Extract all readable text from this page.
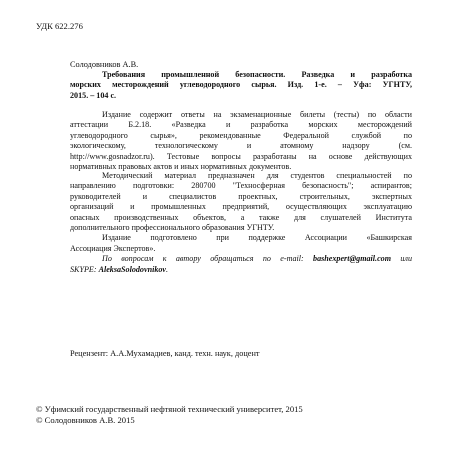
УДК 622.276
Солодовников А.В.

Требования промышленной безопасности. Разведка и разработка

морских месторождений углеводородного сырья. Изд. 1-е. – Уфа: УГНТУ,

2015. – 104 с.

Издание содержит ответы на экзаменационные билеты (тесты) по области

аттестации Б.2.18. «Разведка и разработка морских месторождений

углеводородного сырья», рекомендованные Федеральной службой по

экологическому, технологическому и атомному надзору (см.

http://www.gosnadzor.ru). Тестовые вопросы разработаны на основе действующих

нормативных правовых актов и иных нормативных документов.

Методический материал предназначен для студентов специальностей по

направлению подготовки: 280700 "Техносферная безопасность"; аспирантов;

руководителей и специалистов проектных, строительных, экспертных

организаций и промышленных предприятий, осуществляющих эксплуатацию

опасных производственных объектов, а также для слушателей Института

дополнительного профессионального образования УГНТУ.

Издание подготовлено при поддержке Ассоциации «Башкирская

Ассоциация Экспертов».

По вопросам к автору обращаться по e-mail: bashexpert@gmail.com или

SKYPE: AleksaSolodovnikov.

Рецензент: А.А.Мухамадиев, канд. техн. наук, доцент
© Уфимский государственный нефтяной технический университет, 2015
© Солодовников А.В. 2015
